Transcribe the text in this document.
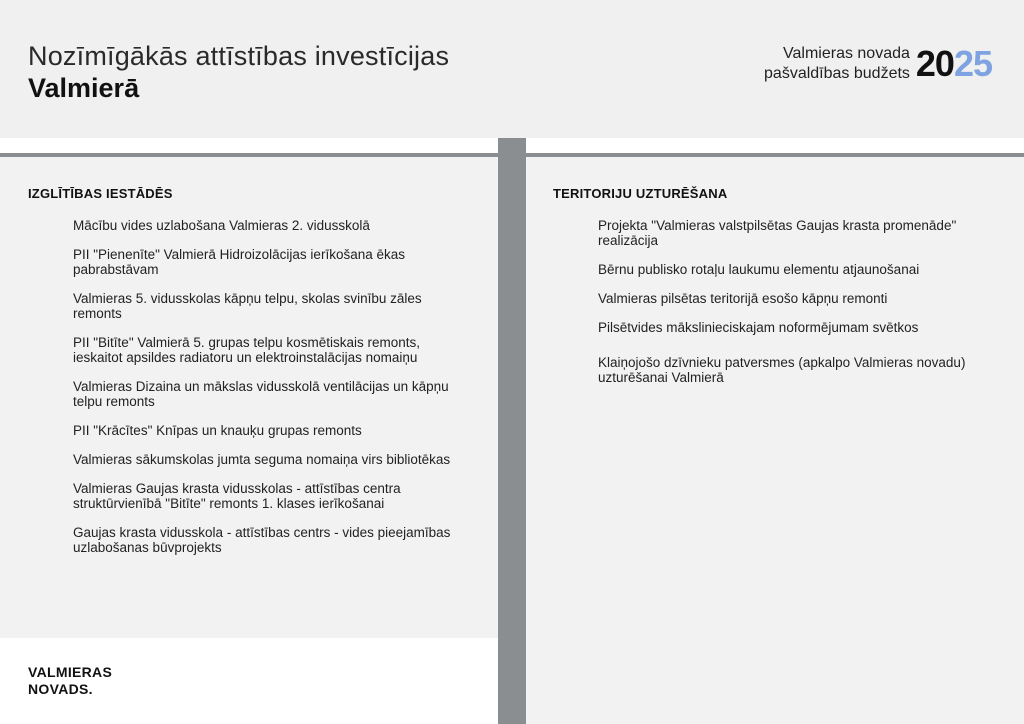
Nozīmīgākās attīstības investīcijas
Valmierā
Valmieras novada
pašvaldības budžets 2025
IZGLĪTĪBAS IESTĀDĒS
Mācību vides uzlabošana Valmieras 2. vidusskolā
PII "Pienenīte" Valmierā Hidroizolācijas ierīkošana ēkas pabrabstāvam
Valmieras 5. vidusskolas kāpņu telpu, skolas svinību zāles remonts
PII "Bitīte" Valmierā 5. grupas telpu kosmētiskais remonts, ieskaitot apsildes radiatoru un elektroinstalācijas nomaiņu
Valmieras Dizaina un mākslas vidusskolā ventilācijas un kāpņu telpu remonts
PII "Krācītes" Knīpas un knauķu grupas remonts
Valmieras sākumskolas jumta seguma nomaiņa virs bibliotēkas
Valmieras Gaujas krasta vidusskolas - attīstības centra struktūrvienībā "Bitīte" remonts 1. klases ierīkošanai
Gaujas krasta vidusskola - attīstības centrs - vides pieejamības uzlabošanas būvprojekts
TERITORIJU UZTURĒŠANA
Projekta "Valmieras valstpilsētas Gaujas krasta promenāde" realizācija
Bērnu publisko rotaļu laukumu elementu atjaunošanai
Valmieras pilsētas teritorijā esošo kāpņu remonti
Pilsētvides mākslinieciskajam noformējumam svētkos
Klaiņojošo dzīvnieku patversmes (apkalpo Valmieras novadu) uzturēšanai Valmierā
VALMIERAS
NOVADS.
